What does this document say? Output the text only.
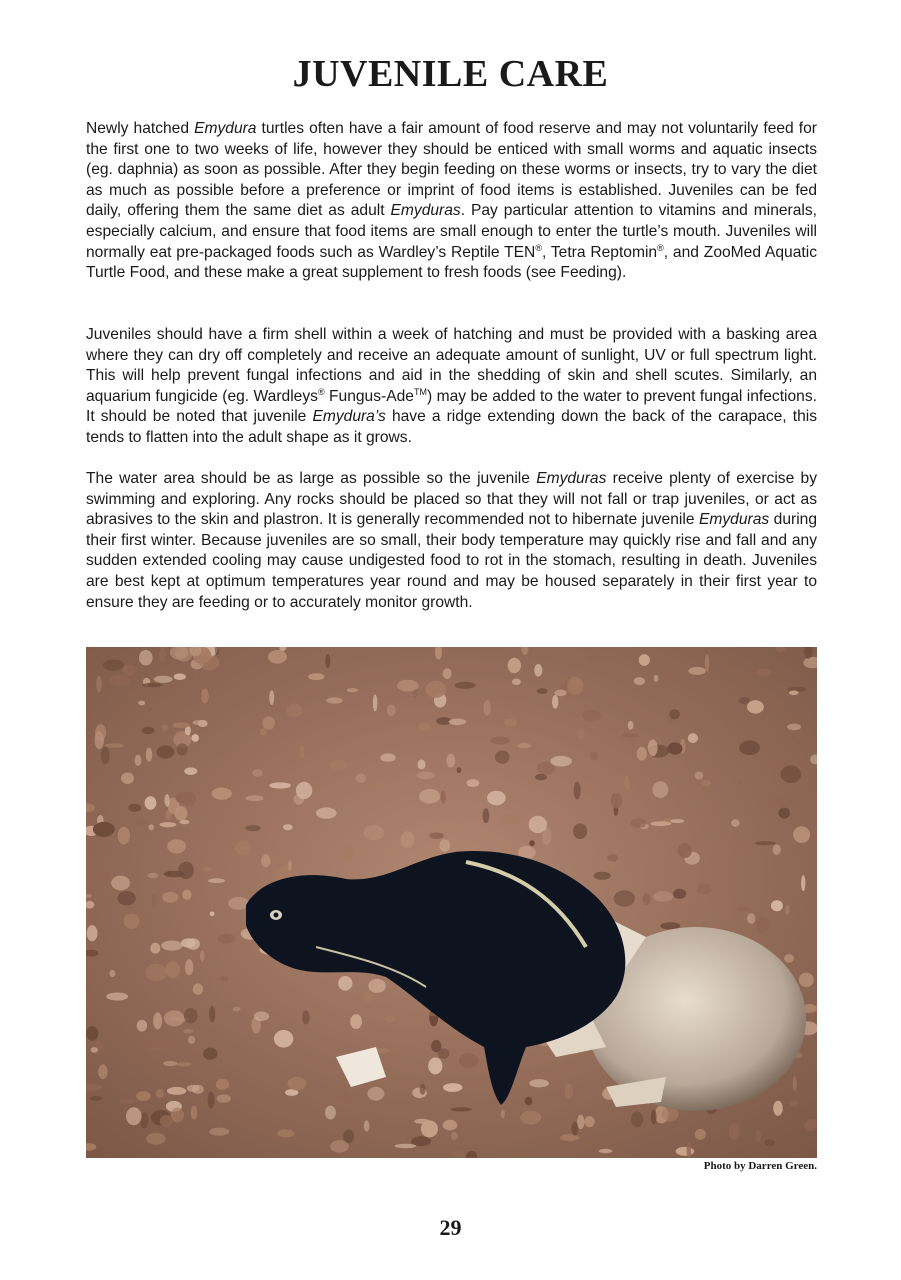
JUVENILE CARE

Newly hatched Emydura turtles often have a fair amount of food reserve and may not voluntarily feed for the first one to two weeks of life, however they should be enticed with small worms and aquatic insects (eg. daphnia) as soon as possible. After they begin feeding on these worms or insects, try to vary the diet as much as possible before a preference or imprint of food items is established. Juveniles can be fed daily, offering them the same diet as adult Emyduras. Pay particular attention to vitamins and minerals, especially calcium, and ensure that food items are small enough to enter the turtle’s mouth. Juveniles will normally eat pre-packaged foods such as Wardley’s Reptile TEN®, Tetra Reptomin®, and ZooMed Aquatic Turtle Food, and these make a great supplement to fresh foods (see Feeding).

Juveniles should have a firm shell within a week of hatching and must be provided with a basking area where they can dry off completely and receive an adequate amount of sunlight, UV or full spectrum light. This will help prevent fungal infections and aid in the shedding of skin and shell scutes. Similarly, an aquarium fungicide (eg. Wardleys® Fungus-Ade™) may be added to the water to prevent fungal infections. It should be noted that juvenile Emydura’s have a ridge extending down the back of the carapace, this tends to flatten into the adult shape as it grows.

The water area should be as large as possible so the juvenile Emyduras receive plenty of exercise by swimming and exploring. Any rocks should be placed so that they will not fall or trap juveniles, or act as abrasives to the skin and plastron. It is generally recommended not to hibernate juvenile Emyduras during their first winter. Because juveniles are so small, their body temperature may quickly rise and fall and any sudden extended cooling may cause undigested food to rot in the stomach, resulting in death. Juveniles are best kept at optimum temperatures year round and may be housed separately in their first year to ensure they are feeding or to accurately monitor growth.

Photo by Darren Green.
29
